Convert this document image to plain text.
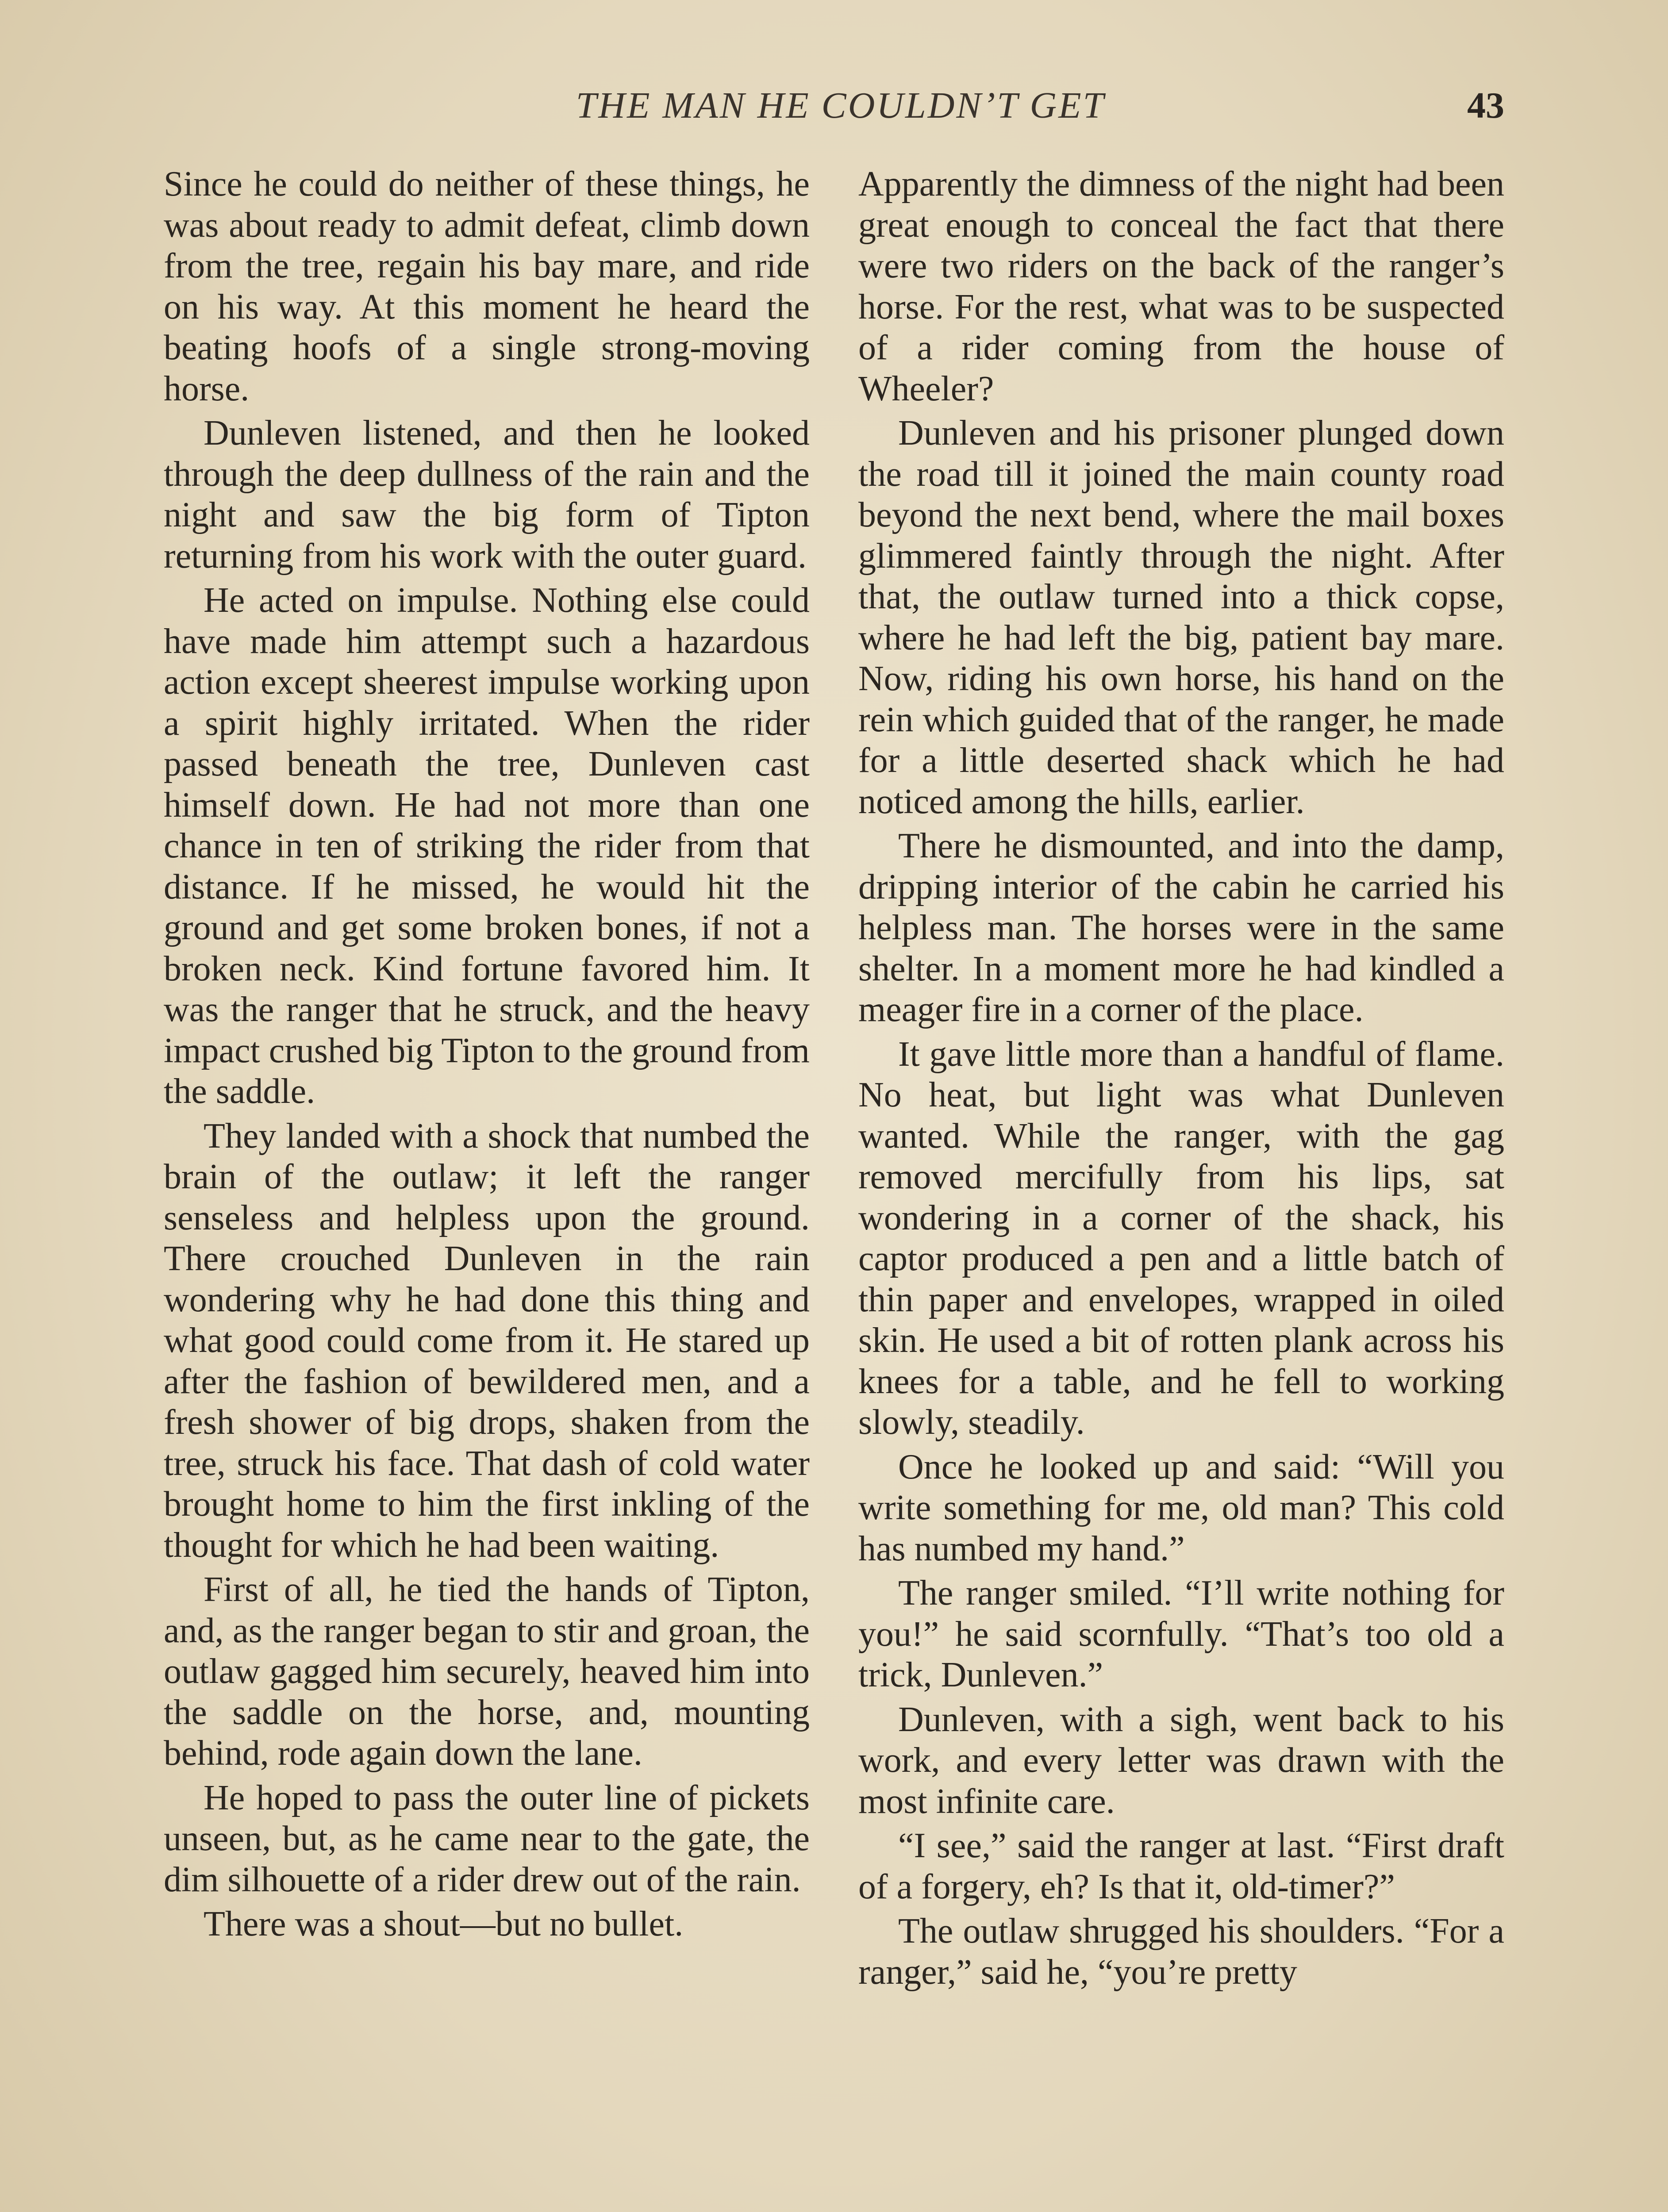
THE MAN HE COULDN’T GET	43

Since he could do neither of these things, he was about ready to admit defeat, climb down from the tree, regain his bay mare, and ride on his way. At this moment he heard the beating hoofs of a single strong-moving horse.

Dunleven listened, and then he looked through the deep dullness of the rain and the night and saw the big form of Tipton returning from his work with the outer guard.

He acted on impulse. Nothing else could have made him attempt such a hazardous action except sheerest impulse working upon a spirit highly irritated. When the rider passed beneath the tree, Dunleven cast himself down. He had not more than one chance in ten of striking the rider from that distance. If he missed, he would hit the ground and get some broken bones, if not a broken neck. Kind fortune favored him. It was the ranger that he struck, and the heavy impact crushed big Tipton to the ground from the saddle.

They landed with a shock that numbed the brain of the outlaw; it left the ranger senseless and helpless upon the ground. There crouched Dunleven in the rain wondering why he had done this thing and what good could come from it. He stared up after the fashion of bewildered men, and a fresh shower of big drops, shaken from the tree, struck his face. That dash of cold water brought home to him the first inkling of the thought for which he had been waiting.

First of all, he tied the hands of Tipton, and, as the ranger began to stir and groan, the outlaw gagged him securely, heaved him into the saddle on the horse, and, mounting behind, rode again down the lane.

He hoped to pass the outer line of pickets unseen, but, as he came near to the gate, the dim silhouette of a rider drew out of the rain.

There was a shout—but no bullet.

Apparently the dimness of the night had been great enough to conceal the fact that there were two riders on the back of the ranger’s horse. For the rest, what was to be suspected of a rider coming from the house of Wheeler?

Dunleven and his prisoner plunged down the road till it joined the main county road beyond the next bend, where the mail boxes glimmered faintly through the night. After that, the outlaw turned into a thick copse, where he had left the big, patient bay mare. Now, riding his own horse, his hand on the rein which guided that of the ranger, he made for a little deserted shack which he had noticed among the hills, earlier.

There he dismounted, and into the damp, dripping interior of the cabin he carried his helpless man. The horses were in the same shelter. In a moment more he had kindled a meager fire in a corner of the place.

It gave little more than a handful of flame. No heat, but light was what Dunleven wanted. While the ranger, with the gag removed mercifully from his lips, sat wondering in a corner of the shack, his captor produced a pen and a little batch of thin paper and envelopes, wrapped in oiled skin. He used a bit of rotten plank across his knees for a table, and he fell to working slowly, steadily.

Once he looked up and said: “Will you write something for me, old man? This cold has numbed my hand.”

The ranger smiled. “I’ll write nothing for you!” he said scornfully. “That’s too old a trick, Dunleven.”

Dunleven, with a sigh, went back to his work, and every letter was drawn with the most infinite care.

“I see,” said the ranger at last. “First draft of a forgery, eh? Is that it, old-timer?”

The outlaw shrugged his shoulders. “For a ranger,” said he, “you’re pretty
